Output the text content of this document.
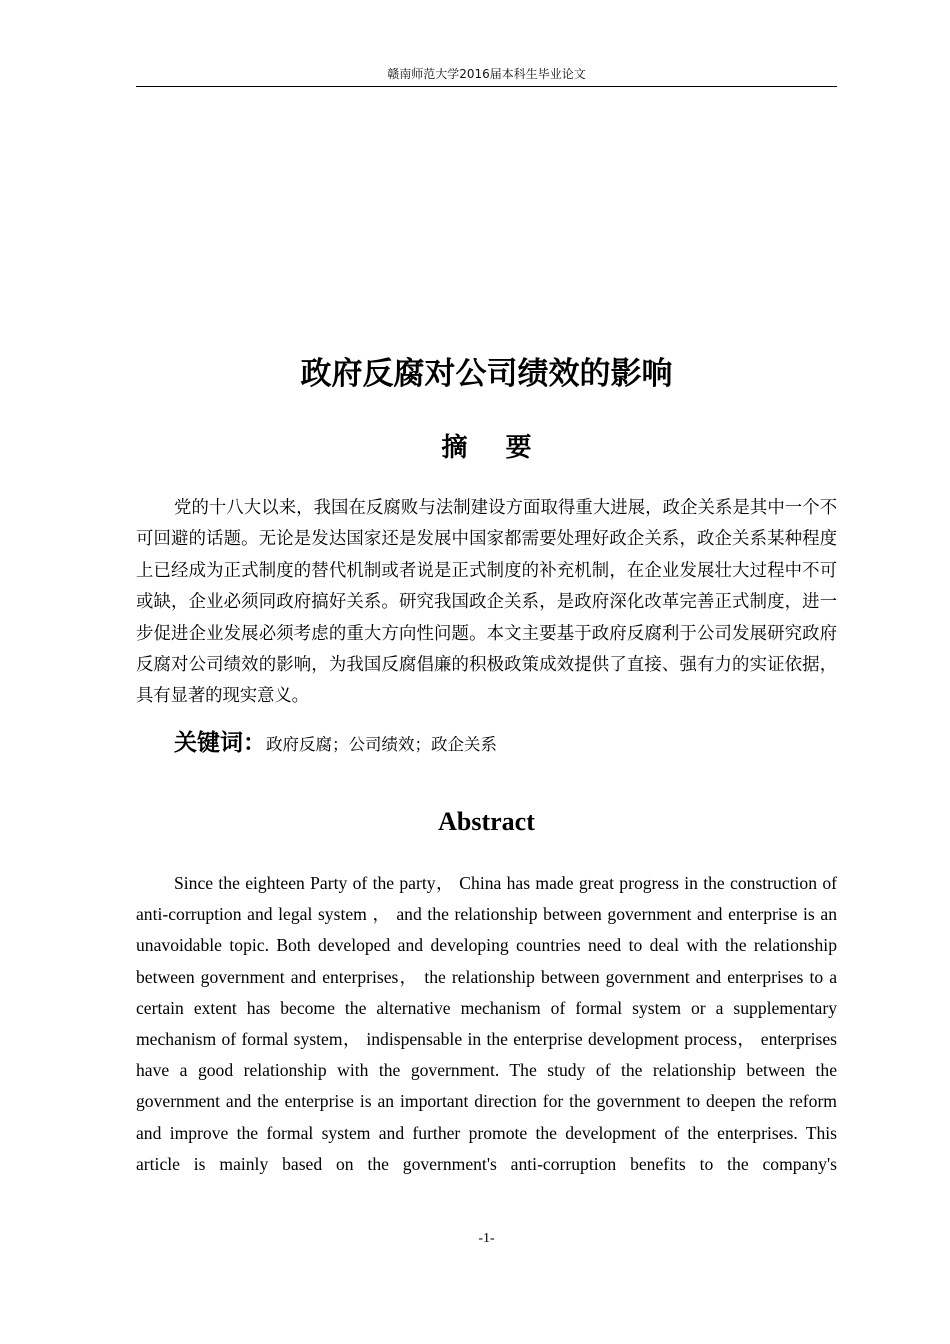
赣南师范大学2016届本科生毕业论文
政府反腐对公司绩效的影响
摘要

党的十八大以来，我国在反腐败与法制建设方面取得重大进展，政企关系是其中一个不可回避的话题。无论是发达国家还是发展中国家都需要处理好政企关系，政企关系某种程度上已经成为正式制度的替代机制或者说是正式制度的补充机制，在企业发展壮大过程中不可或缺，企业必须同政府搞好关系。研究我国政企关系，是政府深化改革完善正式制度，进一步促进企业发展必须考虑的重大方向性问题。本文主要基于政府反腐利于公司发展研究政府反腐对公司绩效的影响，为我国反腐倡廉的积极政策成效提供了直接、强有力的实证依据，具有显著的现实意义。

关键词：政府反腐；公司绩效；政企关系
Abstract

Since the eighteen Party of the party， China has made great progress in the construction of anti-corruption and legal system ， and the relationship between government and enterprise is an unavoidable topic. Both developed and developing countries need to deal with the relationship between government and enterprises， the relationship between government and enterprises to a certain extent has become the alternative mechanism of formal system or a supplementary mechanism of formal system， indispensable in the enterprise development process， enterprises have a good relationship with the government. The study of the relationship between the government and the enterprise is an important direction for the government to deepen the reform and improve the formal system and further promote the development of the enterprises. This article is mainly based on the government's anti-corruption benefits to the company's

-1-
